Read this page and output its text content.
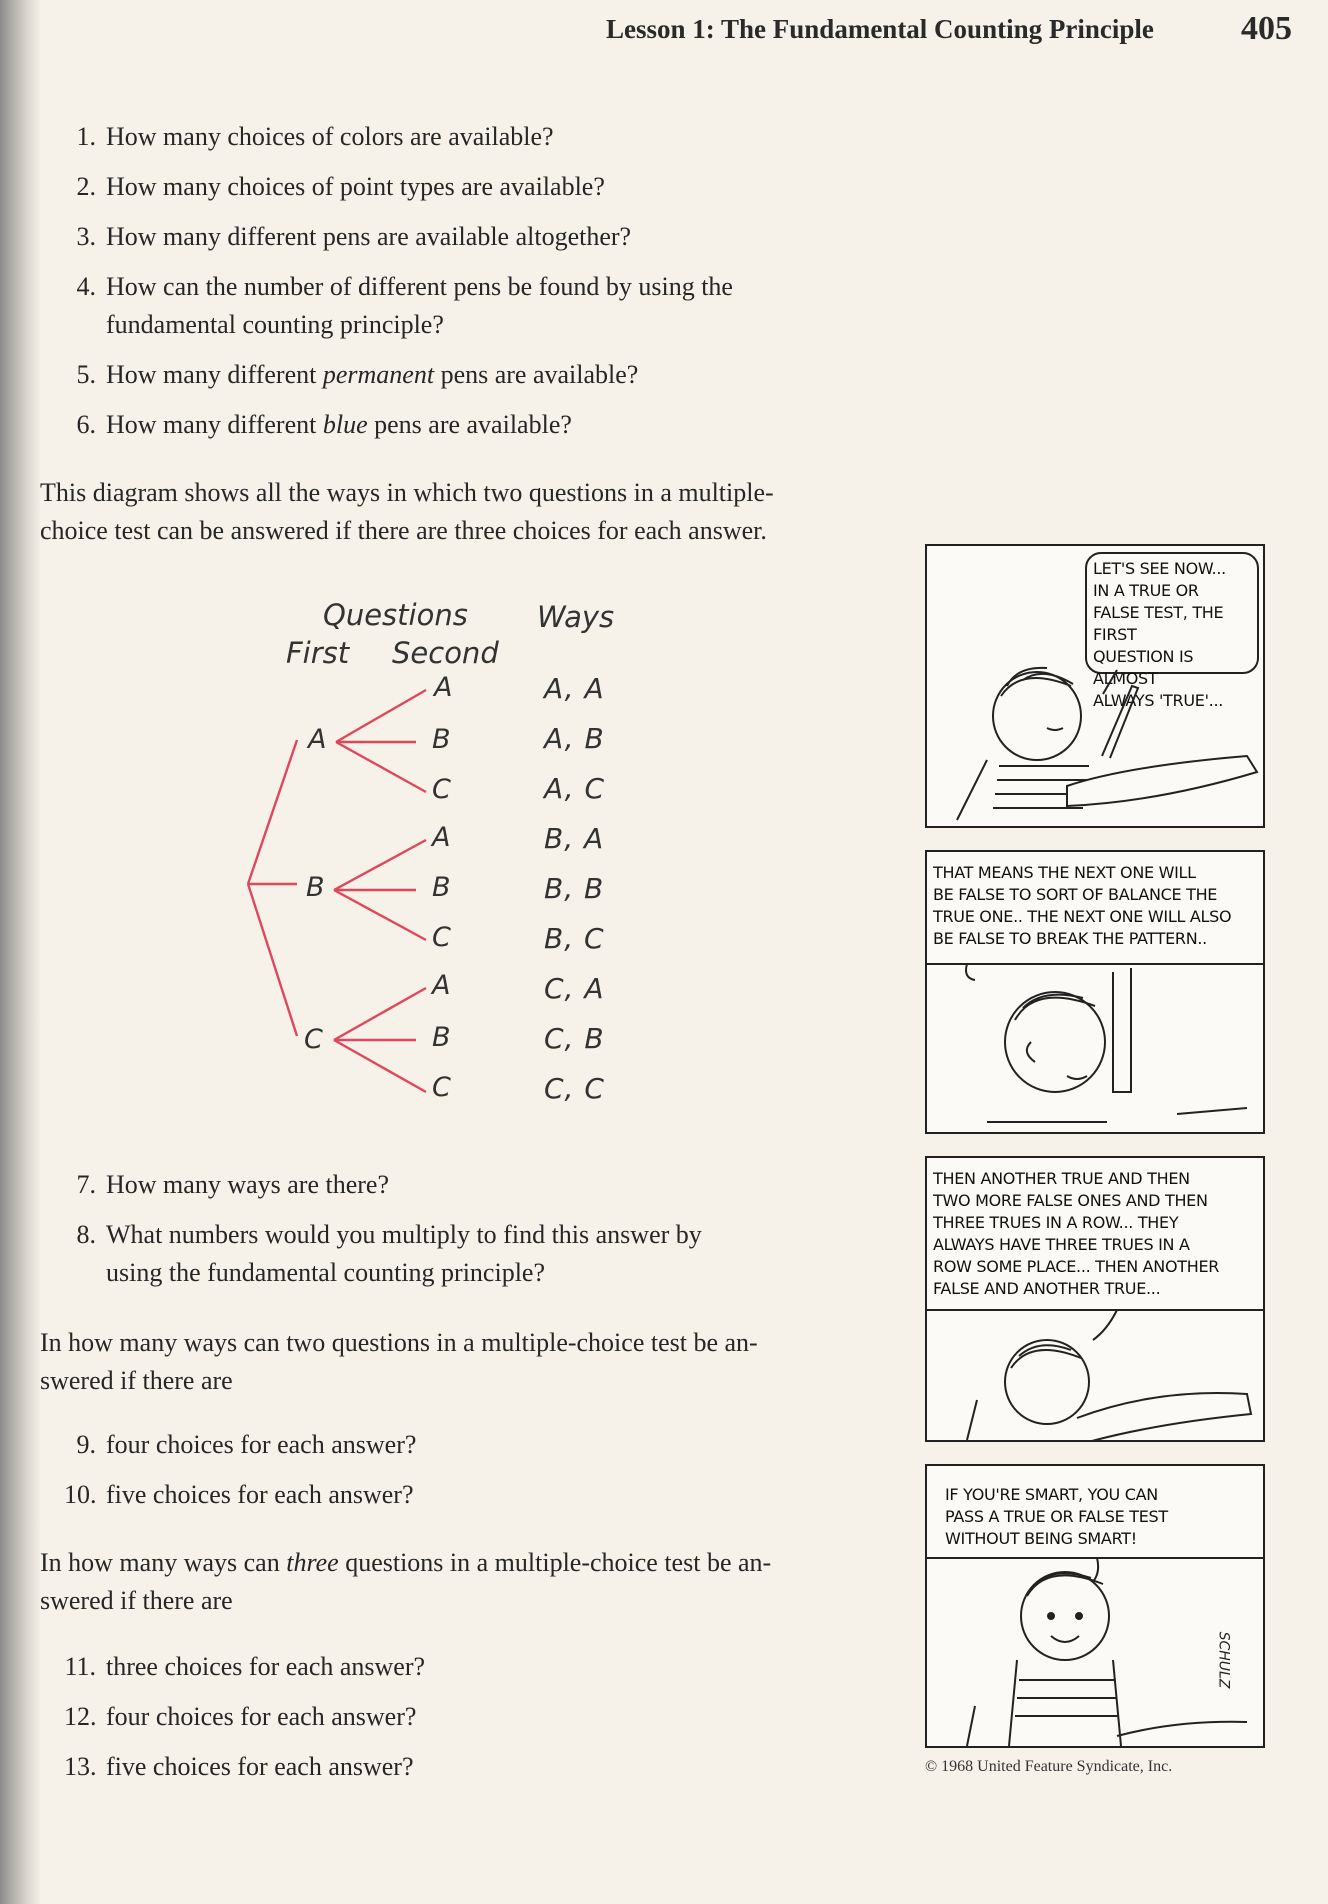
Lesson 1: The Fundamental Counting Principle	405
1. How many choices of colors are available?
2. How many choices of point types are available?
3. How many different pens are available altogether?
4. How can the number of different pens be found by using the
fundamental counting principle?
5. How many different permanent pens are available?
6. How many different blue pens are available?
This diagram shows all the ways in which two questions in a multiple-
choice test can be answered if there are three choices for each answer.
Questions Ways
First Second
A
B
C
A
B
C
A
B
C
A
B
C
A, A
A, B
A, C
B, A
B, B
B, C
C, A
C, B
C, C
7. How many ways are there?
8. What numbers would you multiply to find this answer by
using the fundamental counting principle?
In how many ways can two questions in a multiple-choice test be an-
swered if there are
9. four choices for each answer?
10. five choices for each answer?
In how many ways can three questions in a multiple-choice test be an-
swered if there are
11. three choices for each answer?
12. four choices for each answer?
13. five choices for each answer?
LET'S SEE NOW...
IN A TRUE OR
FALSE TEST, THE FIRST
QUESTION IS ALMOST
ALWAYS 'TRUE'...
THAT MEANS THE NEXT ONE WILL
BE FALSE TO SORT OF BALANCE THE
TRUE ONE.. THE NEXT ONE WILL ALSO
BE FALSE TO BREAK THE PATTERN..
THEN ANOTHER TRUE AND THEN
TWO MORE FALSE ONES AND THEN
THREE TRUES IN A ROW... THEY
ALWAYS HAVE THREE TRUES IN A
ROW SOME PLACE... THEN ANOTHER
FALSE AND ANOTHER TRUE...
IF YOU'RE SMART, YOU CAN
PASS A TRUE OR FALSE TEST
WITHOUT BEING SMART!
SCHULZ
© 1968 United Feature Syndicate, Inc.
